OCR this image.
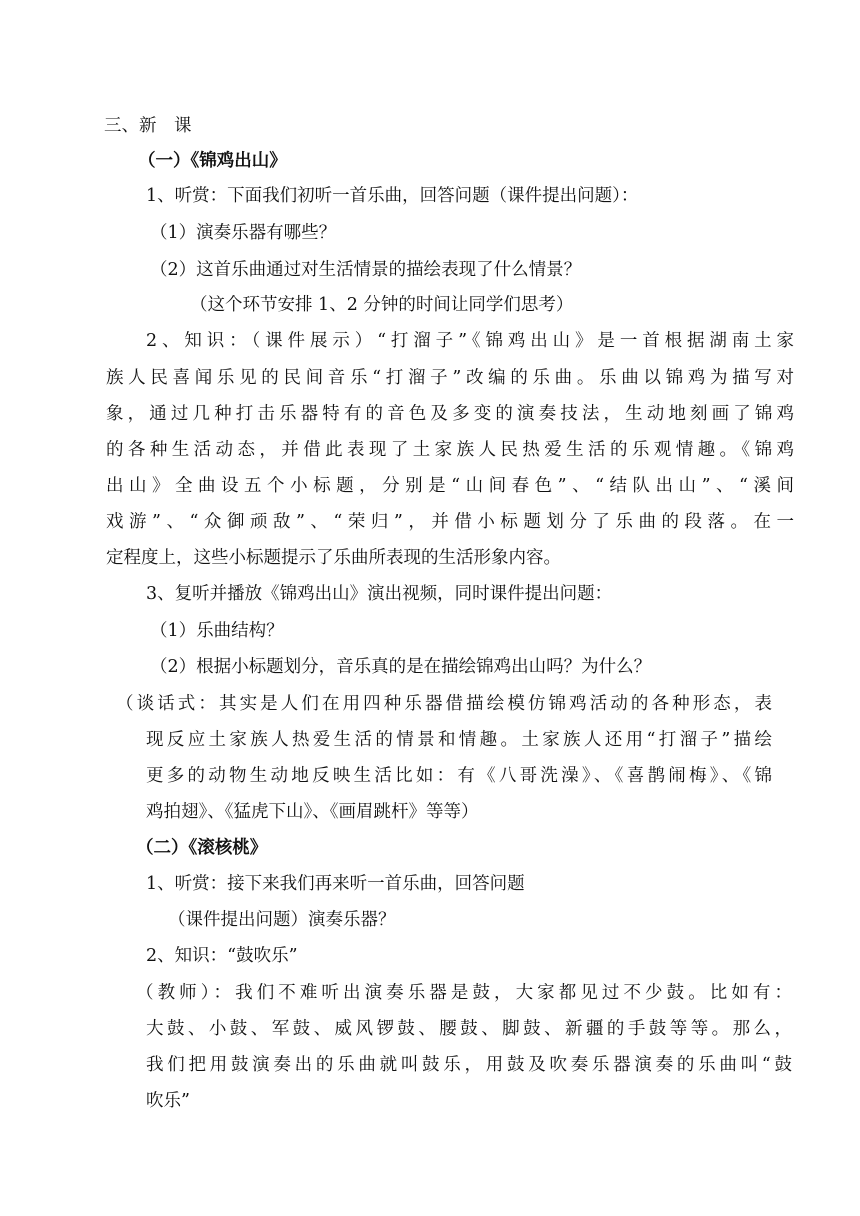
三、新　课
（一）《锦鸡出山》
1、听赏：下面我们初听一首乐曲，回答问题（课件提出问题）：
（1）演奏乐器有哪些？
（2）这首乐曲通过对生活情景的描绘表现了什么情景？
（这个环节安排 1、2 分钟的时间让同学们思考）
2、知识：（课件展示）“打溜子”《锦鸡出山》是一首根据湖南土家
族人民喜闻乐见的民间音乐“打溜子”改编的乐曲。乐曲以锦鸡为描写对
象，通过几种打击乐器特有的音色及多变的演奏技法，生动地刻画了锦鸡
的各种生活动态，并借此表现了土家族人民热爱生活的乐观情趣。《锦鸡
出山》全曲设五个小标题，分别是“山间春色”、“结队出山”、“溪间
戏游”、“众御顽敌”、“荣归”，并借小标题划分了乐曲的段落。在一
定程度上，这些小标题提示了乐曲所表现的生活形象内容。
3、复听并播放《锦鸡出山》演出视频，同时课件提出问题：
（1）乐曲结构？
（2）根据小标题划分，音乐真的是在描绘锦鸡出山吗？为什么？
（谈话式：其实是人们在用四种乐器借描绘模仿锦鸡活动的各种形态，表
现反应土家族人热爱生活的情景和情趣。土家族人还用“打溜子”描绘
更多的动物生动地反映生活比如：有《八哥洗澡》、《喜鹊闹梅》、《锦
鸡拍翅》、《猛虎下山》、《画眉跳杆》等等）
（二）《滚核桃》
1、听赏：接下来我们再来听一首乐曲，回答问题
（课件提出问题）演奏乐器？
2、知识：“鼓吹乐”
（教师）：我们不难听出演奏乐器是鼓，大家都见过不少鼓。比如有：
大鼓、小鼓、军鼓、威风锣鼓、腰鼓、脚鼓、新疆的手鼓等等。那么，
我们把用鼓演奏出的乐曲就叫鼓乐，用鼓及吹奏乐器演奏的乐曲叫“鼓
吹乐”
